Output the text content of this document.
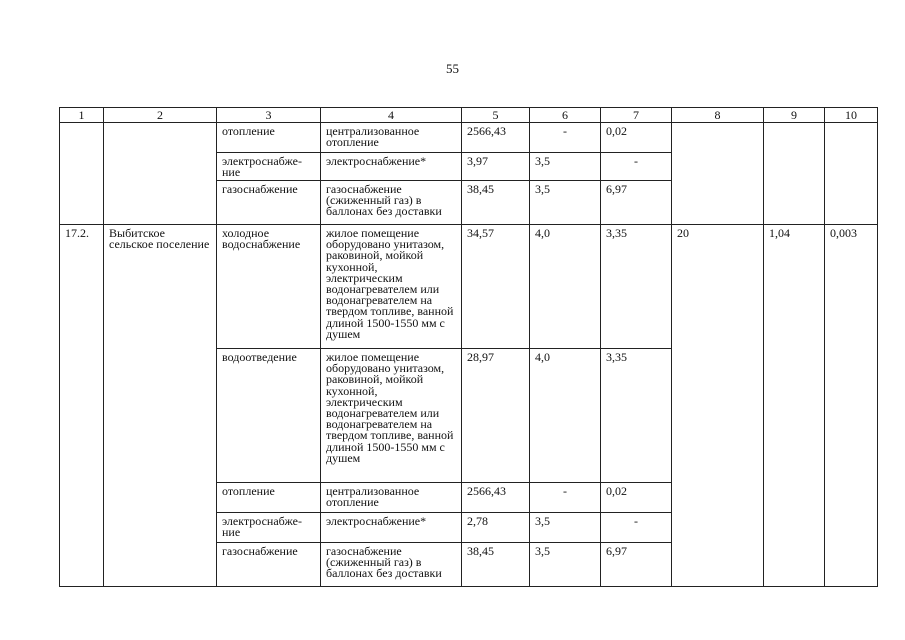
55
1	2	3	4	5	6	7	8	9	10
		отопление	централизованное отопление	2566,43	-	0,02			
		электроснабже-ние	электроснабжение*	3,97	3,5	-			
		газоснабжение	газоснабжение (сжиженный газ) в баллонах без доставки	38,45	3,5	6,97			
17.2.	Выбитское сельское поселение	холодное водоснабжение	жилое помещение оборудовано унитазом, раковиной, мойкой кухонной, электрическим водонагревателем или водонагревателем на твердом топливе, ванной длиной 1500-1550 мм с душем	34,57	4,0	3,35	20	1,04	0,003
		водоотведение	жилое помещение оборудовано унитазом, раковиной, мойкой кухонной, электрическим водонагревателем или водонагревателем на твердом топливе, ванной длиной 1500-1550 мм с душем	28,97	4,0	3,35			
		отопление	централизованное отопление	2566,43	-	0,02			
		электроснабже-ние	электроснабжение*	2,78	3,5	-			
		газоснабжение	газоснабжение (сжиженный газ) в баллонах без доставки	38,45	3,5	6,97			
